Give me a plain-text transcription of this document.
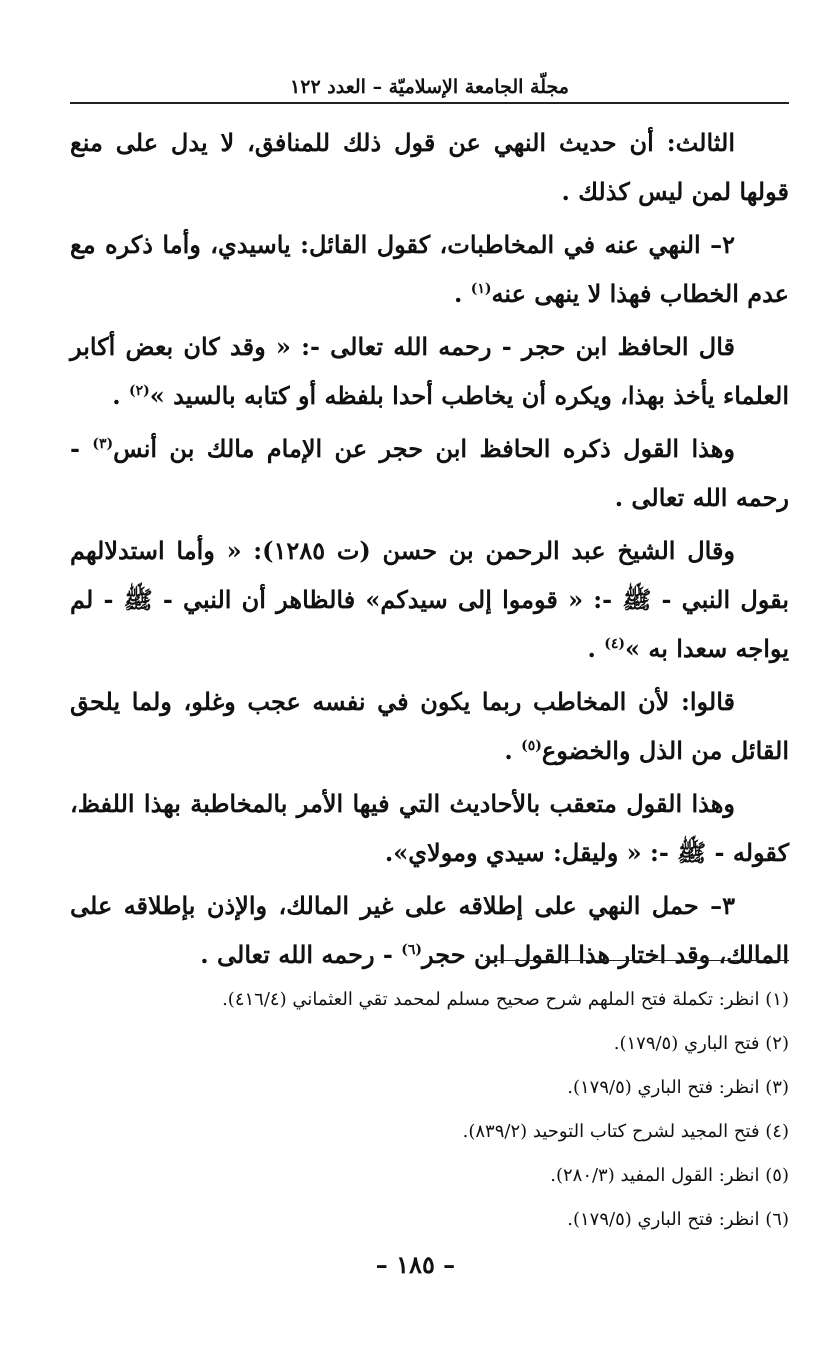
مجلّة الجامعة الإسلاميّة – العدد ١٢٢

الثالث: أن حديث النهي عن قول ذلك للمنافق، لا يدل على منع قولها لمن ليس كذلك .

٢– النهي عنه في المخاطبات، كقول القائل: ياسيدي، وأما ذكره مع عدم الخطاب فهذا لا ينهى عنه$^{(١)}$ .

قال الحافظ ابن حجر - رحمه الله تعالى -: « وقد كان بعض أكابر العلماء يأخذ بهذا، ويكره أن يخاطب أحدا بلفظه أو كتابه بالسيد »$^{(٢)}$ .

وهذا القول ذكره الحافظ ابن حجر عن الإمام مالك بن أنس$^{(٣)}$ - رحمه الله تعالى .

وقال الشيخ عبد الرحمن بن حسن (ت ١٢٨٥): « وأما استدلالهم بقول النبي - ﷺ -: « قوموا إلى سيدكم» فالظاهر أن النبي - ﷺ - لم يواجه سعدا به »$^{(٤)}$ .

قالوا: لأن المخاطب ربما يكون في نفسه عجب وغلو، ولما يلحق القائل من الذل والخضوع$^{(٥)}$ .

وهذا القول متعقب بالأحاديث التي فيها الأمر بالمخاطبة بهذا اللفظ، كقوله - ﷺ -: « وليقل: سيدي ومولاي».

٣– حمل النهي على إطلاقه على غير المالك، والإذن بإطلاقه على المالك، وقد اختار هذا القول ابن حجر$^{(٦)}$ - رحمه الله تعالى .

(١) انظر: تكملة فتح الملهم شرح صحيح مسلم لمحمد تقي العثماني (٤١٦/٤).

(٢) فتح الباري (١٧٩/٥).

(٣) انظر: فتح الباري (١٧٩/٥).

(٤) فتح المجيد لشرح كتاب التوحيد (٨٣٩/٢).

(٥) انظر: القول المفيد (٢٨٠/٣).

(٦) انظر: فتح الباري (١٧٩/٥).

– ١٨٥ –
